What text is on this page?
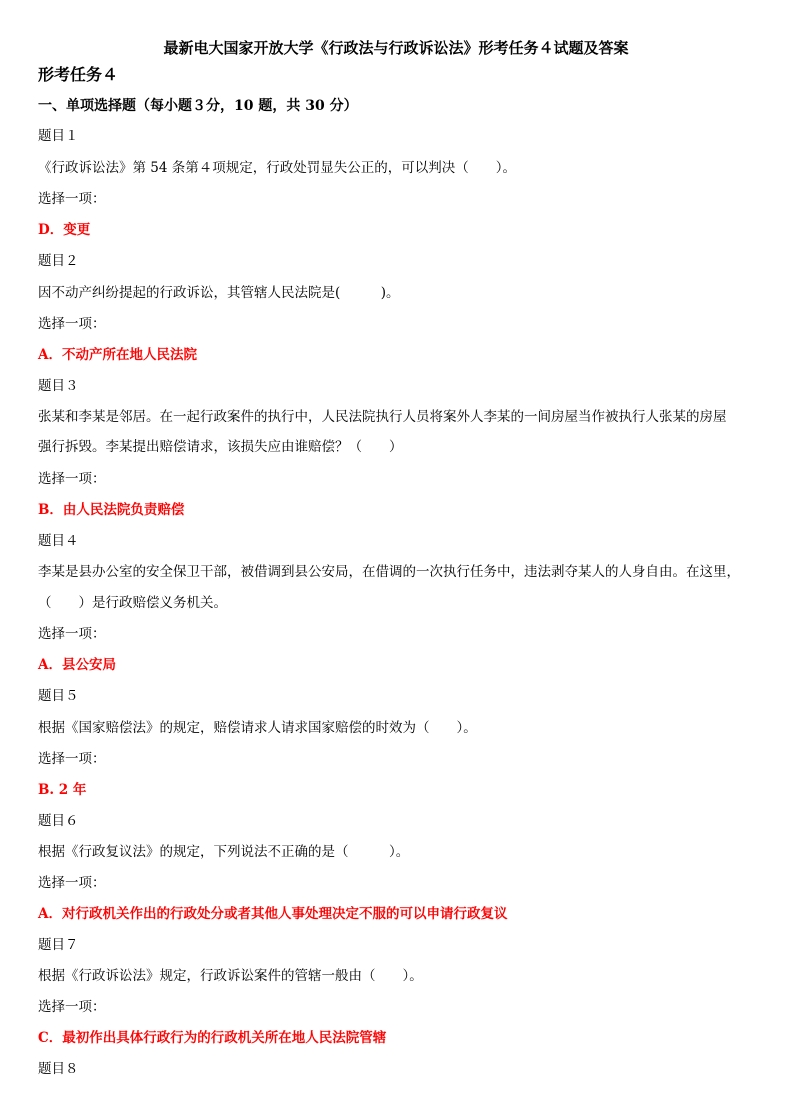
最新电大国家开放大学《行政法与行政诉讼法》形考任务４试题及答案
形考任务４
一、单项选择题（每小题３分，10 题，共 30 分）
题目１
《行政诉讼法》第 54 条第４项规定，行政处罚显失公正的，可以判决（　　）。
选择一项：
D．变更
题目２
因不动产纠纷提起的行政诉讼，其管辖人民法院是(　　　)。
选择一项：
A．不动产所在地人民法院
题目３
张某和李某是邻居。在一起行政案件的执行中，人民法院执行人员将案外人李某的一间房屋当作被执行人张某的房屋
强行拆毁。李某提出赔偿请求，该损失应由谁赔偿？（　　）
选择一项：
B．由人民法院负责赔偿
题目４
李某是县办公室的安全保卫干部，被借调到县公安局，在借调的一次执行任务中，违法剥夺某人的人身自由。在这里，
（　　）是行政赔偿义务机关。
选择一项：
A．县公安局
题目５
根据《国家赔偿法》的规定，赔偿请求人请求国家赔偿的时效为（　　）。
选择一项：
B. 2 年
题目６
根据《行政复议法》的规定，下列说法不正确的是（　　　）。
选择一项：
A．对行政机关作出的行政处分或者其他人事处理决定不服的可以申请行政复议
题目７
根据《行政诉讼法》规定，行政诉讼案件的管辖一般由（　　）。
选择一项：
C．最初作出具体行政行为的行政机关所在地人民法院管辖
题目８
